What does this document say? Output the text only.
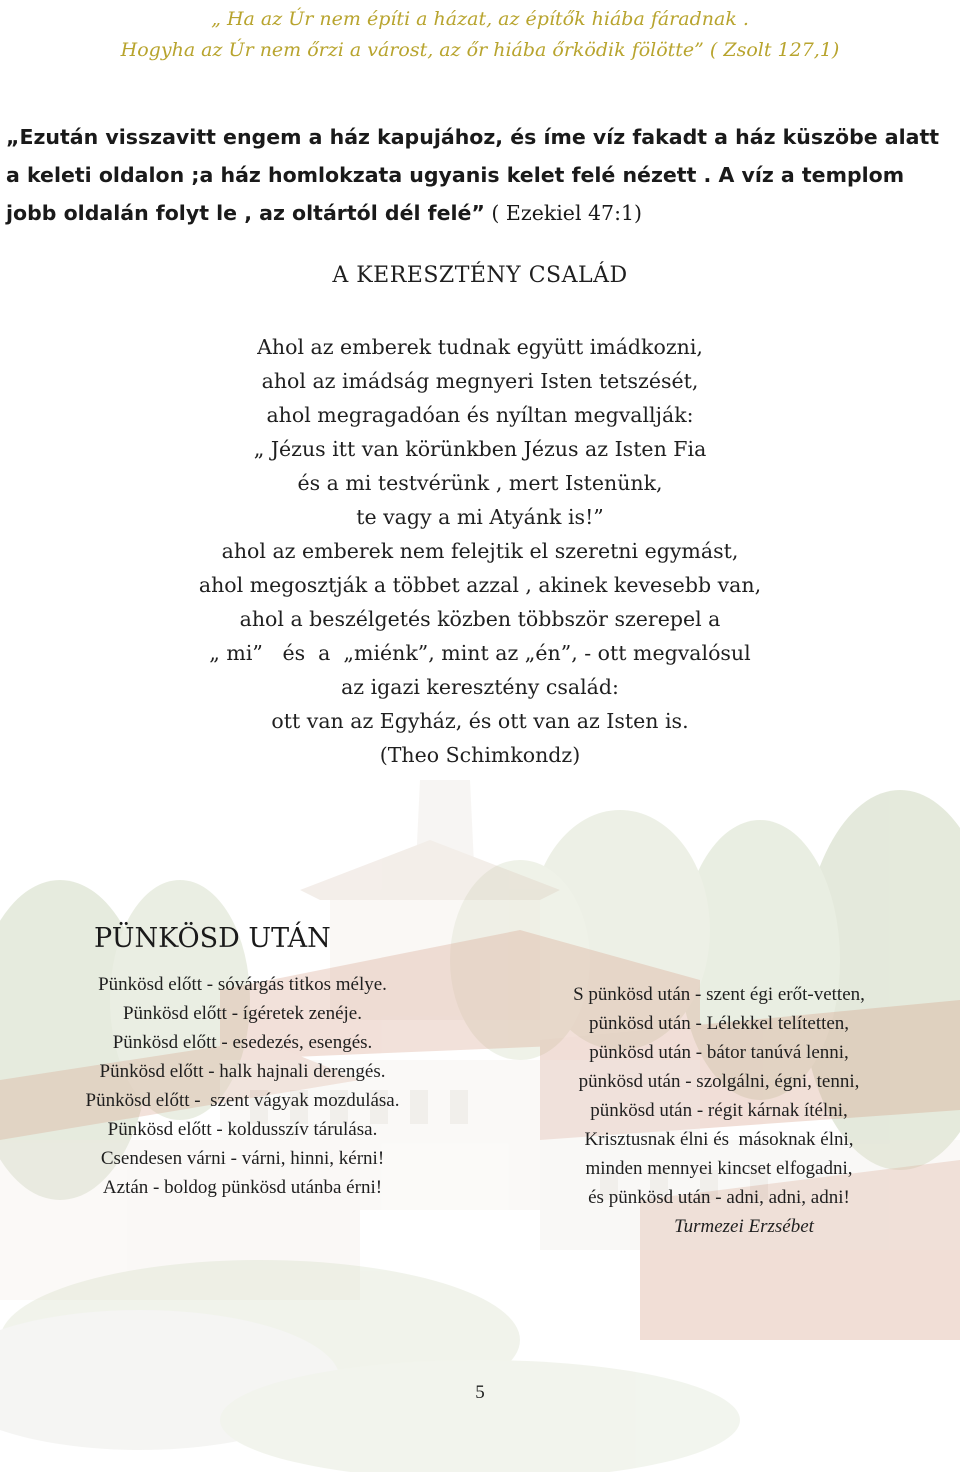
„ Ha az Úr nem építi a házat, az építők hiába fáradnak .
Hogyha az Úr nem őrzi a várost, az őr hiába őrködik fölötte” ( Zsolt 127,1)
„Ezután visszavitt engem a ház kapujához, és íme víz fakadt a ház küszöbe alatt a keleti oldalon ;a ház homlokzata ugyanis kelet felé nézett . A víz a templom jobb oldalán folyt le , az oltártól dél felé” ( Ezekiel 47:1)
A KERESZTÉNY CSALÁD
Ahol az emberek tudnak együtt imádkozni,
ahol az imádság megnyeri Isten tetszését,
ahol megragadóan és nyíltan megvallják:
„ Jézus itt van körünkben Jézus az Isten Fia
és a mi testvérünk , mert Istenünk,
te vagy a mi Atyánk is!”
ahol az emberek nem felejtik el szeretni egymást,
ahol megosztják a többet azzal , akinek kevesebb van,
ahol a beszélgetés közben többször szerepel a
„ mi”   és  a  „miénk”, mint az „én”, - ott megvalósul
az igazi keresztény család:
ott van az Egyház, és ott van az Isten is.
(Theo Schimkondz)
PÜNKÖSD UTÁN
Pünkösd előtt - sóvárgás titkos mélye.
Pünkösd előtt - ígéretek zenéje.
Pünkösd előtt - esedezés, esengés.
Pünkösd előtt - halk hajnali derengés.
Pünkösd előtt -  szent vágyak mozdulása.
Pünkösd előtt - koldusszív tárulása.
Csendesen várni - várni, hinni, kérni!
Aztán - boldog pünkösd utánba érni!
S pünkösd után - szent égi erőt-vetten,
pünkösd után - Lélekkel telítetten,
pünkösd után - bátor tanúvá lenni,
pünkösd után - szolgálni, égni, tenni,
pünkösd után - régit kárnak ítélni,
Krisztusnak élni és  másoknak élni,
minden mennyei kincset elfogadni,
és pünkösd után - adni, adni, adni!
Turmezei Erzsébet
5
